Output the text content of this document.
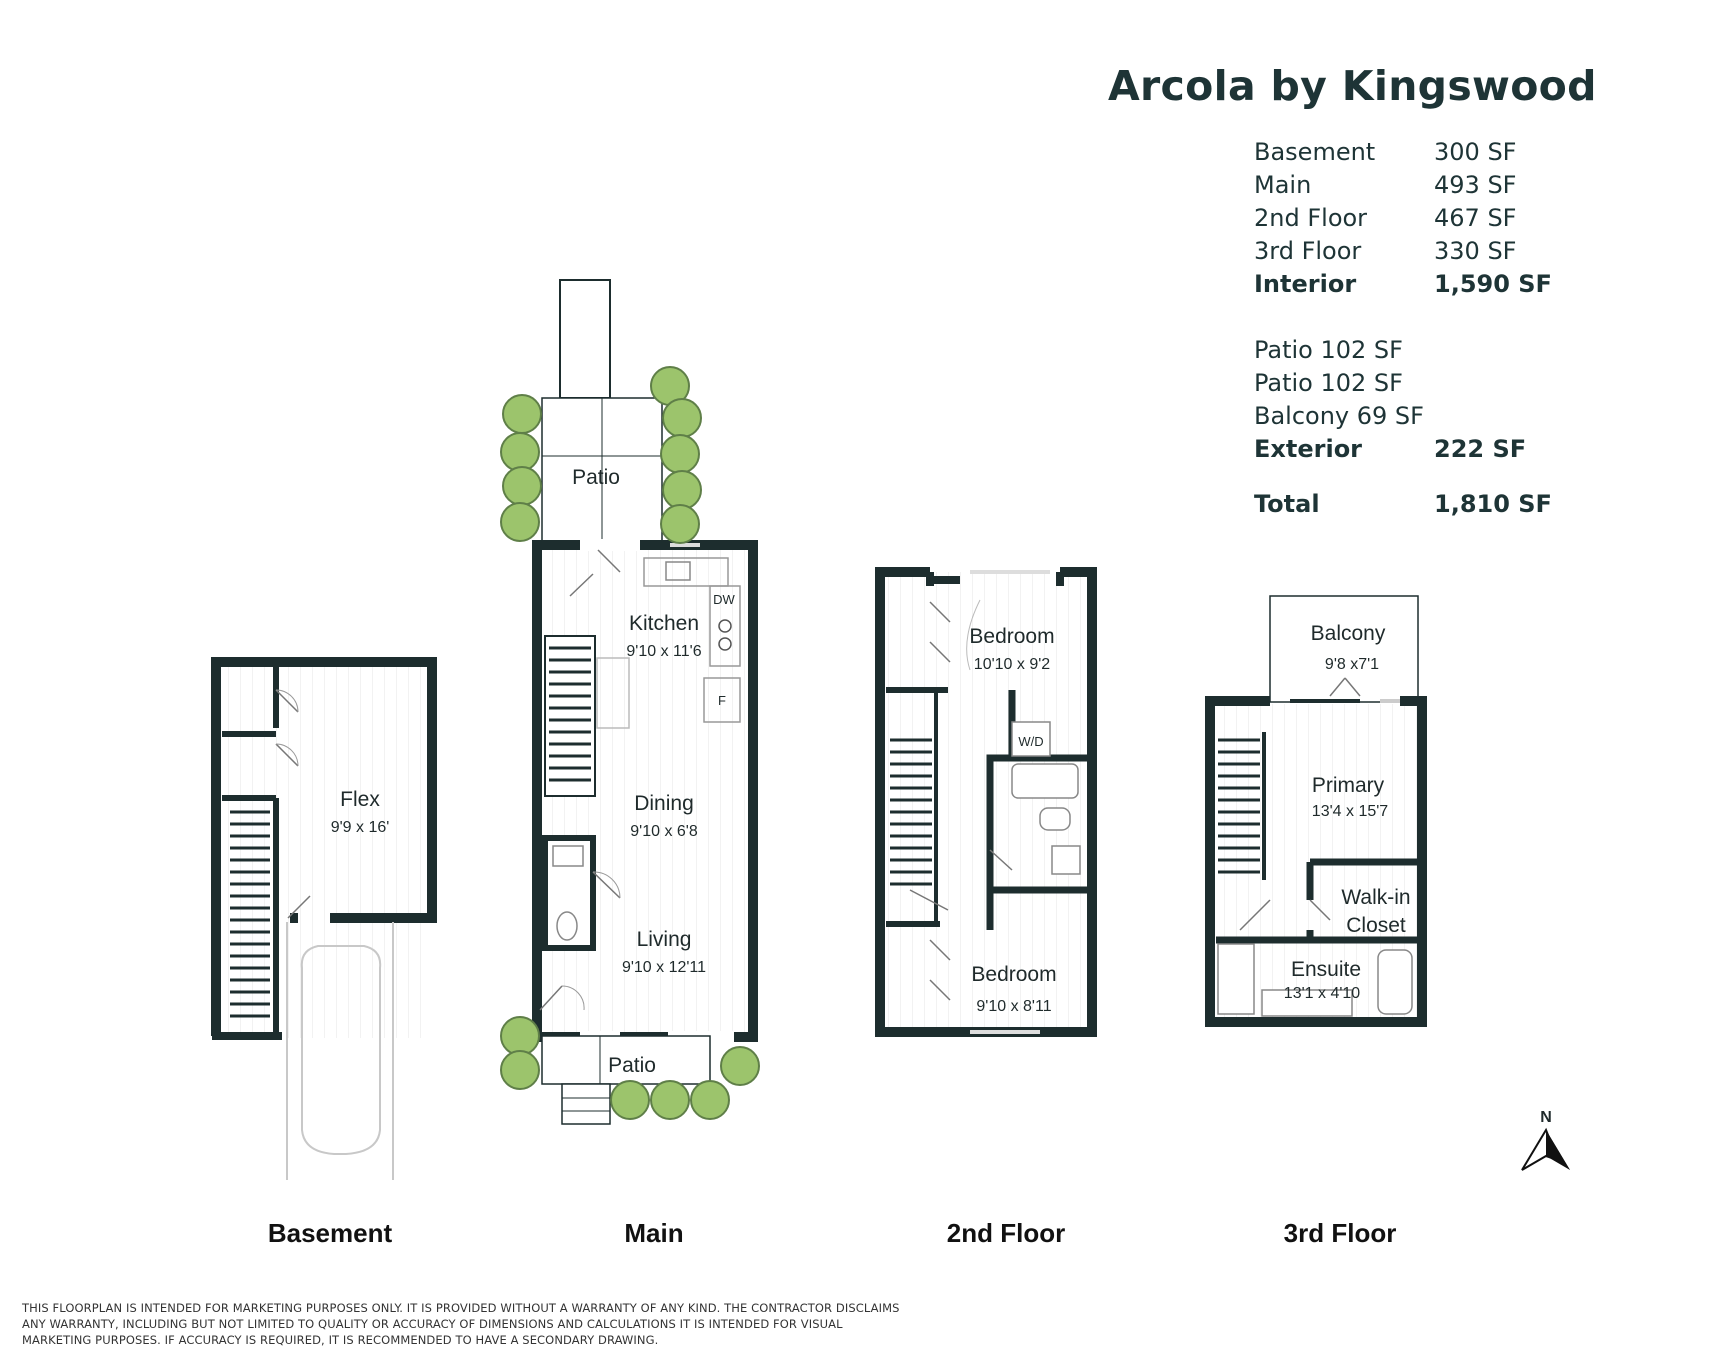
Flex
9'9 x 16'
DW
F
Patio
Kitchen
9'10 x 11'6
Dining
9'10 x 6'8
Living
9'10 x 12'11
Patio
W/D
Bedroom
10'10 x 9'2
Bedroom
9'10 x 8'11
Balcony
9'8 x7'1
Primary
13'4 x 15'7
Walk-in
Closet
Ensuite
13'1 x 4'10
N
Arcola by Kingswood
Basement 300 SF
Main	493 SF
2nd Floor	467 SF
3rd Floor	330 SF
Interior	1,590 SF
Patio 102 SF
Patio 102 SF
Balcony 69 SF
Exterior	222 SF
Total	1,810 SF
Basement	Main	2nd Floor	3rd Floor
THIS FLOORPLAN IS INTENDED FOR MARKETING PURPOSES ONLY. IT IS PROVIDED WITHOUT A WARRANTY OF ANY KIND. THE CONTRACTOR DISCLAIMS ANY WARRANTY, INCLUDING BUT NOT LIMITED TO QUALITY OR ACCURACY OF DIMENSIONS AND CALCULATIONS IT IS INTENDED FOR VISUAL MARKETING PURPOSES. IF ACCURACY IS REQUIRED, IT IS RECOMMENDED TO HAVE A SECONDARY DRAWING.
